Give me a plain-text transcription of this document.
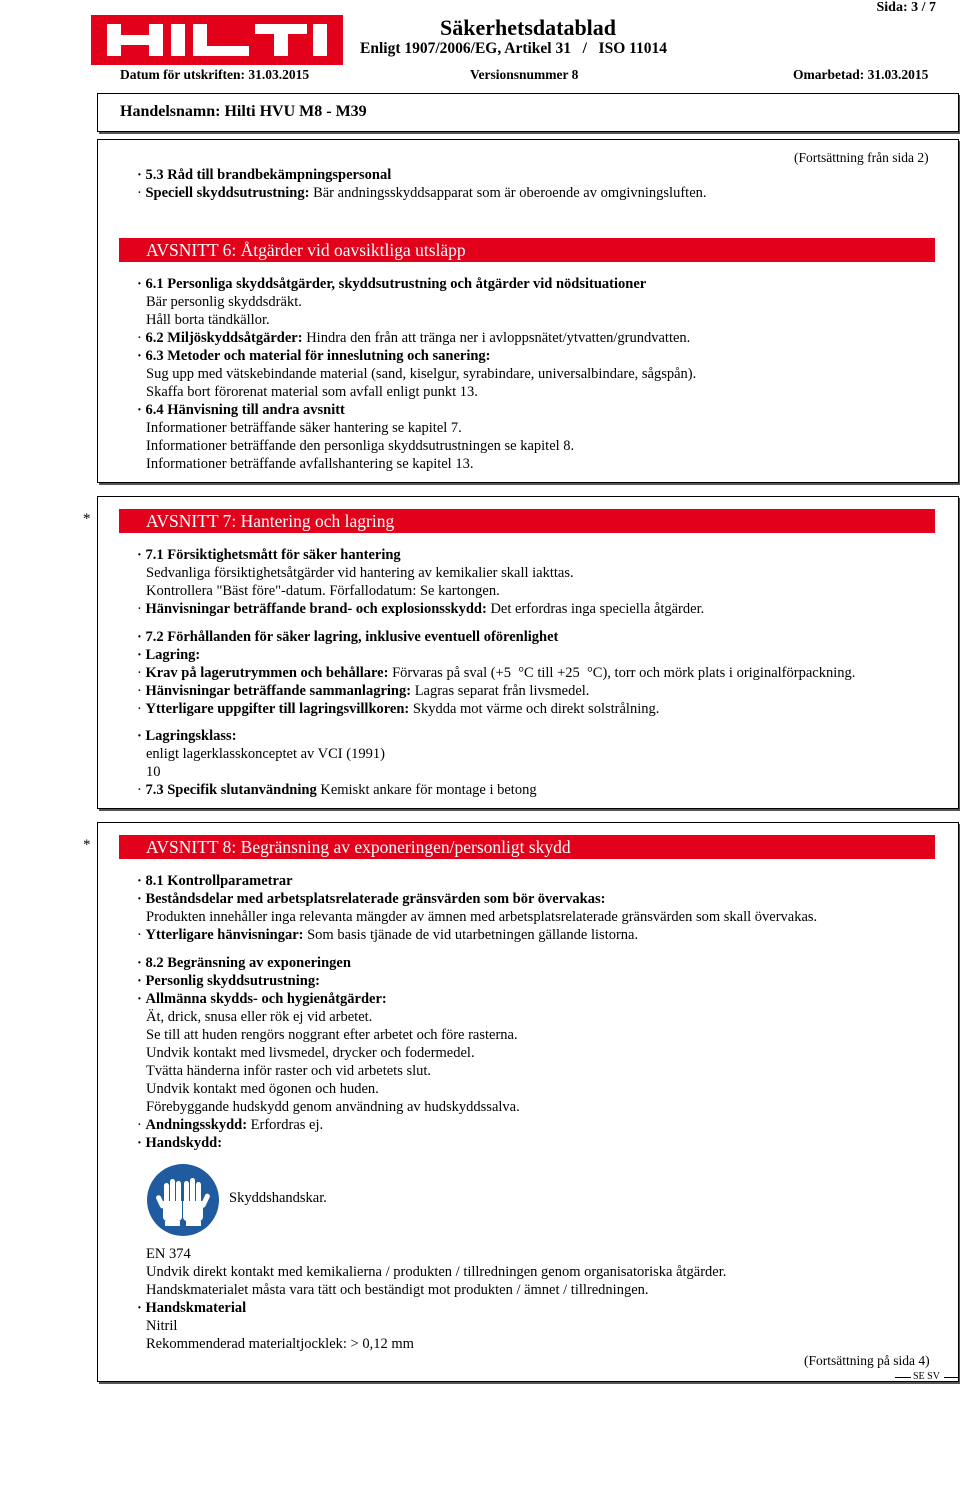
Säkerhetsdatablad
Enligt 1907/2006/EG, Artikel 31   /   ISO 11014
Sida: 3 / 7
Datum för utskriften: 31.03.2015	Versionsnummer 8	Omarbetad: 31.03.2015
Handelsnamn: Hilti HVU M8 - M39
(Fortsättning från sida 2)
· 5.3 Råd till brandbekämpningspersonal
· Speciell skyddsutrustning: Bär andningsskyddsapparat som är oberoende av omgivningsluften.
AVSNITT 6: Åtgärder vid oavsiktliga utsläpp
· 6.1 Personliga skyddsåtgärder, skyddsutrustning och åtgärder vid nödsituationer
Bär personlig skyddsdräkt.
Håll borta tändkällor.
· 6.2 Miljöskyddsåtgärder: Hindra den från att tränga ner i avloppsnätet/ytvatten/grundvatten.
· 6.3 Metoder och material för inneslutning och sanering:
Sug upp med vätskebindande material (sand, kiselgur, syrabindare, universalbindare, sågspån).
Skaffa bort förorenat material som avfall enligt punkt 13.
· 6.4 Hänvisning till andra avsnitt
Informationer beträffande säker hantering se kapitel 7.
Informationer beträffande den personliga skyddsutrustningen se kapitel 8.
Informationer beträffande avfallshantering se kapitel 13.
*	AVSNITT 7: Hantering och lagring
· 7.1 Försiktighetsmått för säker hantering
Sedvanliga försiktighetsåtgärder vid hantering av kemikalier skall iakttas.
Kontrollera "Bäst före"-datum. Förfallodatum: Se kartongen.
· Hänvisningar beträffande brand- och explosionsskydd: Det erfordras inga speciella åtgärder.
· 7.2 Förhållanden för säker lagring, inklusive eventuell oförenlighet
· Lagring:
· Krav på lagerutrymmen och behållare: Förvaras på sval (+5  °C till +25  °C), torr och mörk plats i originalförpackning.
· Hänvisningar beträffande sammanlagring: Lagras separat från livsmedel.
· Ytterligare uppgifter till lagringsvillkoren: Skydda mot värme och direkt solstrålning.
· Lagringsklass:
enligt lagerklasskonceptet av VCI (1991)
10
· 7.3 Specifik slutanvändning Kemiskt ankare för montage i betong
*	AVSNITT 8: Begränsning av exponeringen/personligt skydd
· 8.1 Kontrollparametrar
· Beståndsdelar med arbetsplatsrelaterade gränsvärden som bör övervakas:
Produkten innehåller inga relevanta mängder av ämnen med arbetsplatsrelaterade gränsvärden som skall övervakas.
· Ytterligare hänvisningar: Som basis tjänade de vid utarbetningen gällande listorna.
· 8.2 Begränsning av exponeringen
· Personlig skyddsutrustning:
· Allmänna skydds- och hygienåtgärder:
Ät, drick, snusa eller rök ej vid arbetet.
Se till att huden rengörs noggrant efter arbetet och före rasterna.
Undvik kontakt med livsmedel, drycker och fodermedel.
Tvätta händerna inför raster och vid arbetets slut.
Undvik kontakt med ögonen och huden.
Förebyggande hudskydd genom användning av hudskyddssalva.
· Andningsskydd: Erfordras ej.
· Handskydd:
Skyddshandskar.
EN 374
Undvik direkt kontakt med kemikalierna / produkten / tillredningen genom organisatoriska åtgärder.
Handskmaterialet måsta vara tätt och beständigt mot produkten / ämnet / tillredningen.
· Handskmaterial
Nitril
Rekommenderad materialtjocklek: > 0,12 mm
(Fortsättning på sida 4)
SE SV
